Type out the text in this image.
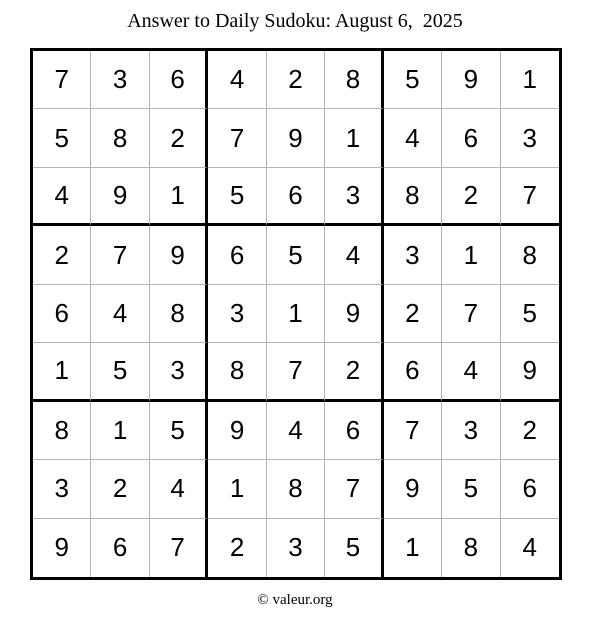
Answer to Daily Sudoku: August 6,  2025
7	3	6	4	2	8	5	9	1
5	8	2	7	9	1	4	6	3
4	9	1	5	6	3	8	2	7
2	7	9	6	5	4	3	1	8
6	4	8	3	1	9	2	7	5
1	5	3	8	7	2	6	4	9
8	1	5	9	4	6	7	3	2
3	2	4	1	8	7	9	5	6
9	6	7	2	3	5	1	8	4
© valeur.org
